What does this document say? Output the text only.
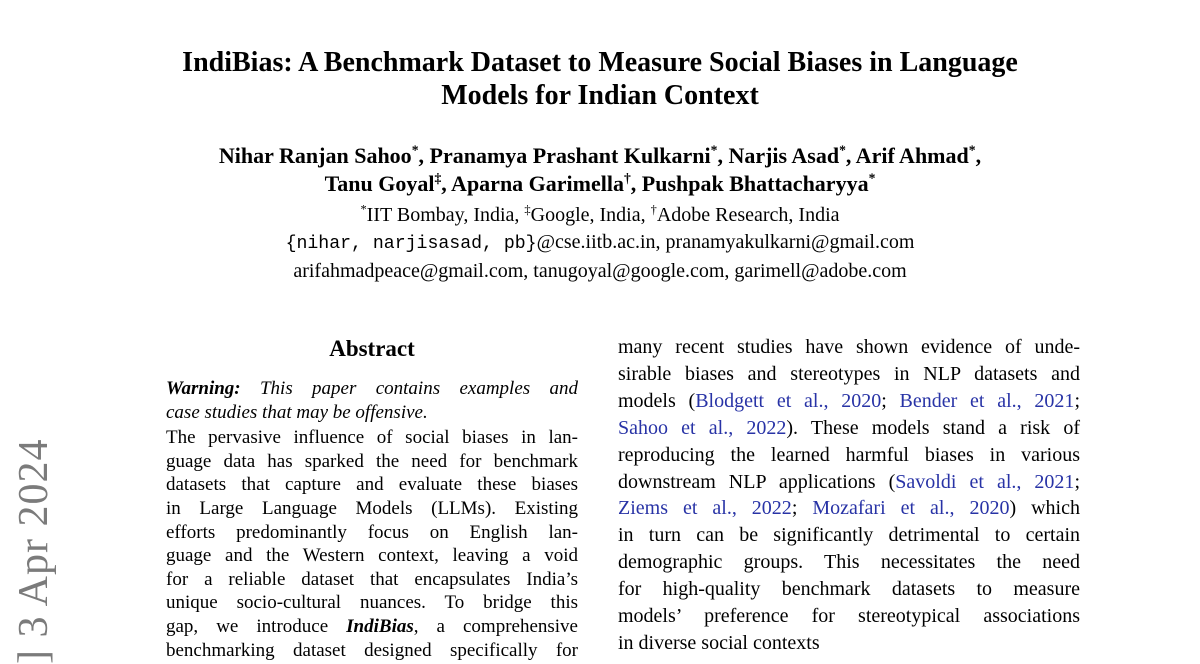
] 3 Apr 2024
IndiBias: A Benchmark Dataset to Measure Social Biases in Language
Models for Indian Context
Nihar Ranjan Sahoo*, Pranamya Prashant Kulkarni*, Narjis Asad*, Arif Ahmad*,
Tanu Goyal‡, Aparna Garimella†, Pushpak Bhattacharyya*
*IIT Bombay, India, ‡Google, India, †Adobe Research, India
{nihar, narjisasad, pb}@cse.iitb.ac.in, pranamyakulkarni@gmail.com
arifahmadpeace@gmail.com, tanugoyal@google.com, garimell@adobe.com
Abstract
Warning: This paper contains examples and
case studies that may be offensive.
The pervasive influence of social biases in lan-
guage data has sparked the need for benchmark
datasets that capture and evaluate these biases
in Large Language Models (LLMs). Existing
efforts predominantly focus on English lan-
guage and the Western context, leaving a void
for a reliable dataset that encapsulates India’s
unique socio-cultural nuances. To bridge this
gap, we introduce IndiBias, a comprehensive
benchmarking dataset designed specifically for
many recent studies have shown evidence of unde-
sirable biases and stereotypes in NLP datasets and
models (Blodgett et al., 2020; Bender et al., 2021;
Sahoo et al., 2022). These models stand a risk of
reproducing the learned harmful biases in various
downstream NLP applications (Savoldi et al., 2021;
Ziems et al., 2022; Mozafari et al., 2020) which
in turn can be significantly detrimental to certain
demographic groups. This necessitates the need
for high-quality benchmark datasets to measure
models’ preference for stereotypical associations
in diverse social contexts
